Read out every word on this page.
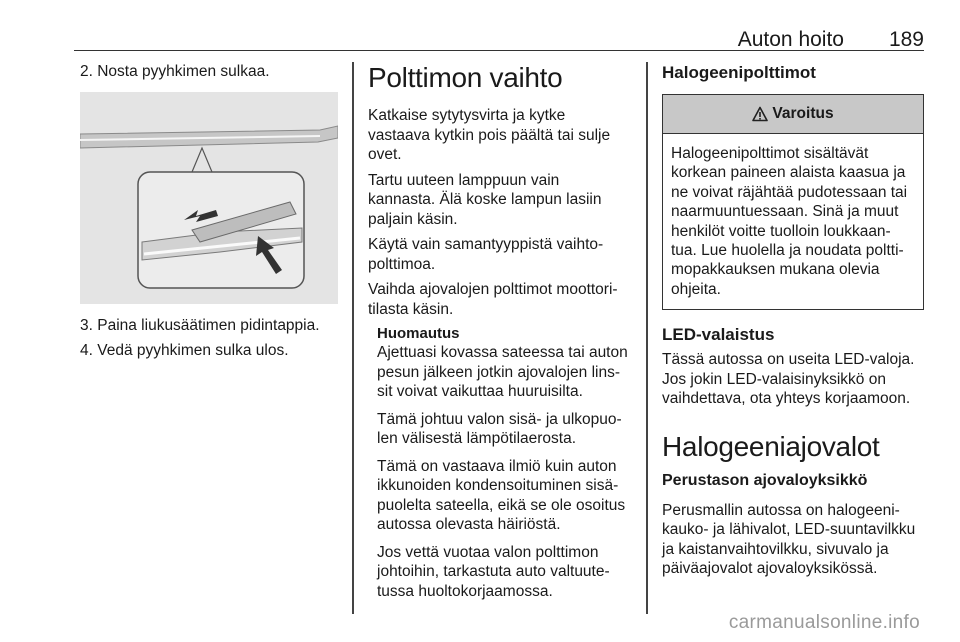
Auton hoito 189

2. Nosta pyyhkimen sulkaa.

3. Paina liukusäätimen pidintappia.

4. Vedä pyyhkimen sulka ulos.

Polttimon vaihto

Katkaise sytytysvirta ja kytke
vastaava kytkin pois päältä tai sulje
ovet.

Tartu uuteen lamppuun vain
kannasta. Älä koske lampun lasiin
paljain käsin.

Käytä vain samantyyppistä vaihto-
polttimoa.

Vaihda ajovalojen polttimot moottori-
tilasta käsin.

Huomautus

Ajettuasi kovassa sateessa tai auton
pesun jälkeen jotkin ajovalojen lins-
sit voivat vaikuttaa huuruisilta.

Tämä johtuu valon sisä- ja ulkopuo-
len välisestä lämpötilaerosta.

Tämä on vastaava ilmiö kuin auton
ikkunoiden kondensoituminen sisä-
puolelta sateella, eikä se ole osoitus
autossa olevasta häiriöstä.

Jos vettä vuotaa valon polttimon
johtoihin, tarkastuta auto valtuute-
tussa huoltokorjaamossa.

Halogeenipolttimot
Varoitus

Halogeenipolttimot sisältävät
korkean paineen alaista kaasua ja
ne voivat räjähtää pudotessaan tai
naarmuuntuessaan. Sinä ja muut
henkilöt voitte tuolloin loukkaan-
tua. Lue huolella ja noudata poltti-
mopakkauksen mukana olevia
ohjeita.

LED-valaistus

Tässä autossa on useita LED-valoja.
Jos jokin LED-valaisinyksikkö on
vaihdettava, ota yhteys korjaamoon.

Halogeeniajovalot
Perustason ajovaloyksikkö

Perusmallin autossa on halogeeni-
kauko- ja lähivalot, LED-suuntavilkku
ja kaistanvaihtovilkku, sivuvalo ja
päiväajovalot ajovaloyksikössä.

carmanualsonline.info
